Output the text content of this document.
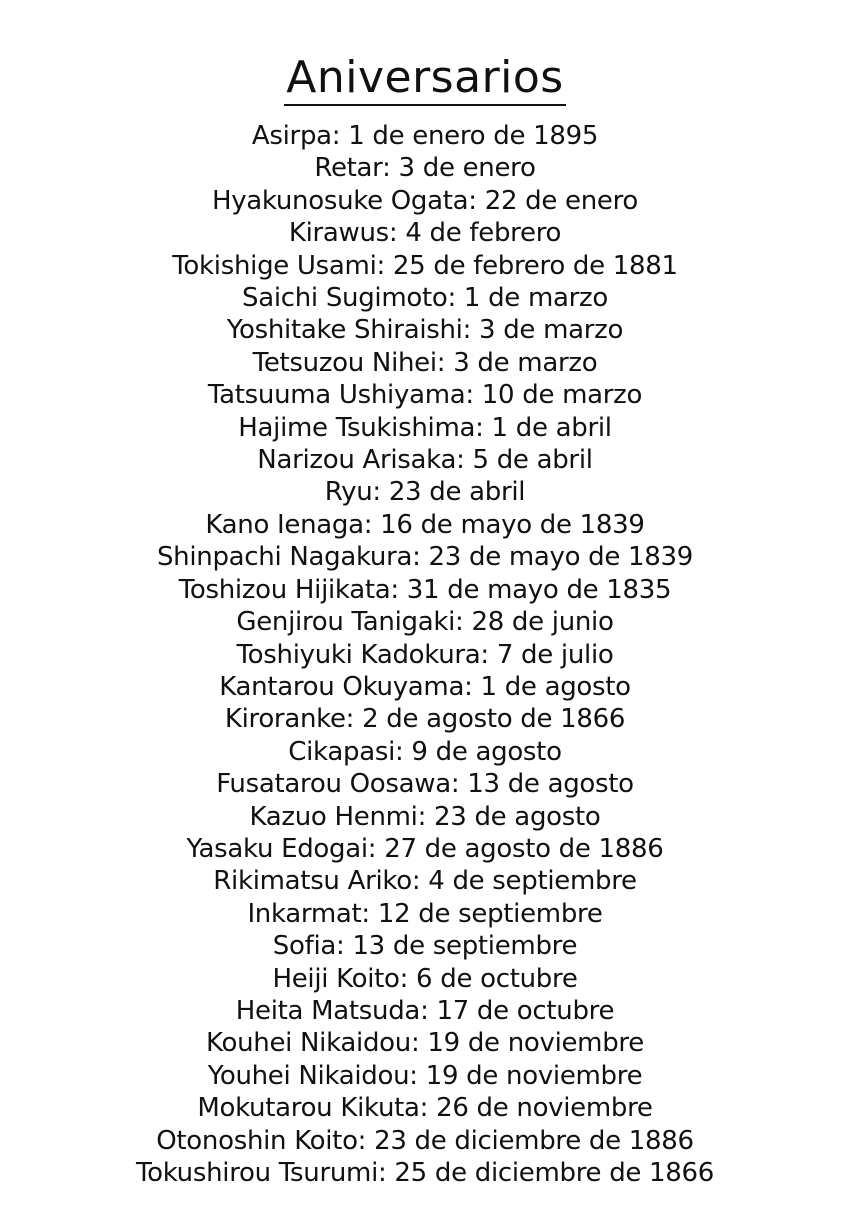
Aniversarios
Asirpa: 1 de enero de 1895
Retar: 3 de enero
Hyakunosuke Ogata: 22 de enero
Kirawus: 4 de febrero
Tokishige Usami: 25 de febrero de 1881
Saichi Sugimoto: 1 de marzo
Yoshitake Shiraishi: 3 de marzo
Tetsuzou Nihei: 3 de marzo
Tatsuuma Ushiyama: 10 de marzo
Hajime Tsukishima: 1 de abril
Narizou Arisaka: 5 de abril
Ryu: 23 de abril
Kano Ienaga: 16 de mayo de 1839
Shinpachi Nagakura: 23 de mayo de 1839
Toshizou Hijikata: 31 de mayo de 1835
Genjirou Tanigaki: 28 de junio
Toshiyuki Kadokura: 7 de julio
Kantarou Okuyama: 1 de agosto
Kiroranke: 2 de agosto de 1866
Cikapasi: 9 de agosto
Fusatarou Oosawa: 13 de agosto
Kazuo Henmi: 23 de agosto
Yasaku Edogai: 27 de agosto de 1886
Rikimatsu Ariko: 4 de septiembre
Inkarmat: 12 de septiembre
Sofia: 13 de septiembre
Heiji Koito: 6 de octubre
Heita Matsuda: 17 de octubre
Kouhei Nikaidou: 19 de noviembre
Youhei Nikaidou: 19 de noviembre
Mokutarou Kikuta: 26 de noviembre
Otonoshin Koito: 23 de diciembre de 1886
Tokushirou Tsurumi: 25 de diciembre de 1866
